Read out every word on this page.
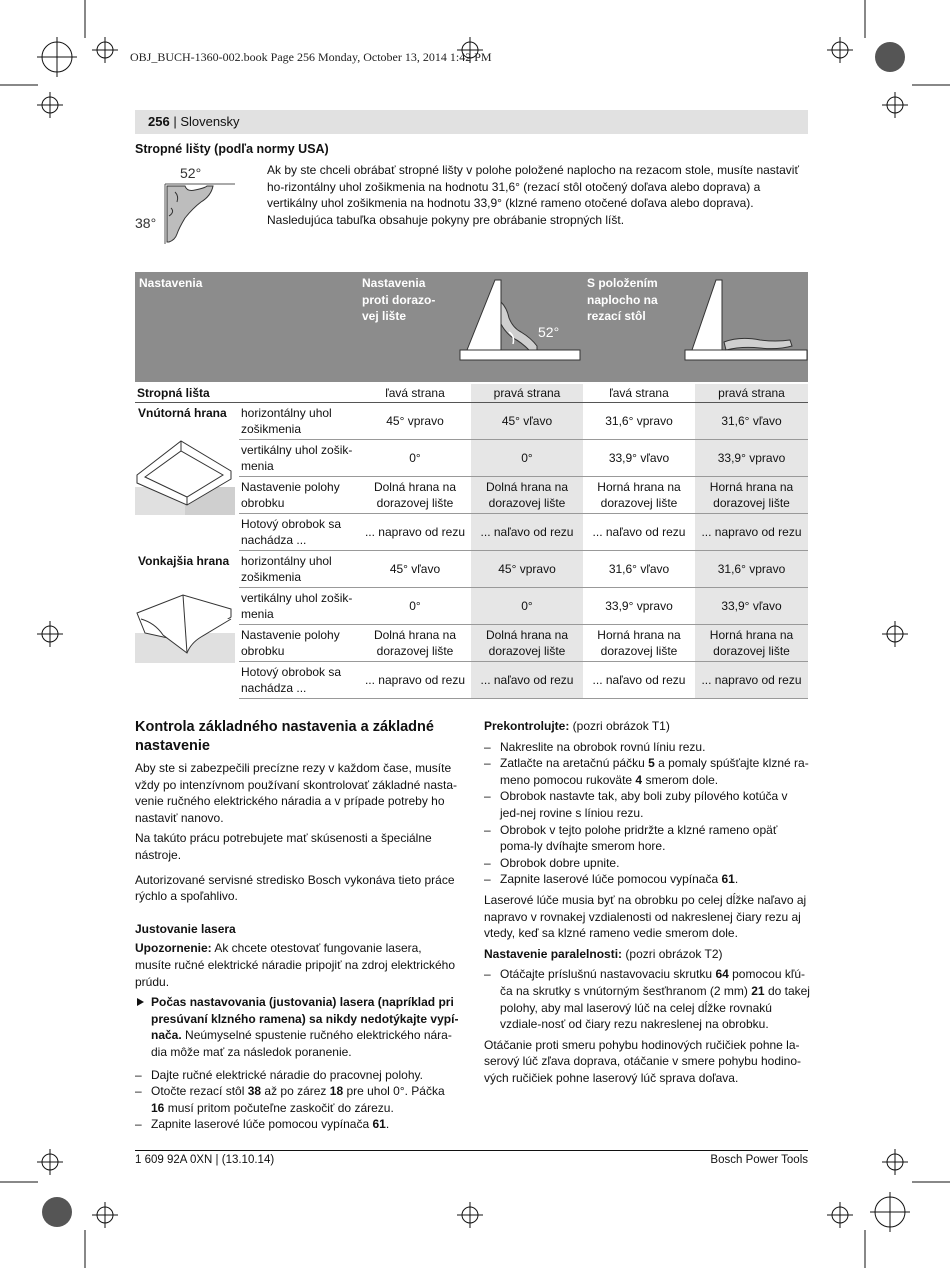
OBJ_BUCH-1360-002.book Page 256 Monday, October 13, 2014 1:42 PM
256 | Slovensky
Stropné lišty (podľa normy USA)
52°
38°

Ak by ste chceli obrábať stropné lišty v polohe položené naplocho na rezacom stole, musíte nastaviť ho-rizontálny uhol zošikmenia na hodnotu 31,6° (rezací stôl otočený doľava alebo doprava) a vertikálny uhol zošikmenia na hodnotu 33,9° (klzné rameno otočené doľava alebo doprava).

Nasledujúca tabuľka obsahuje pokyny pre obrábanie stropných líšt.

Nastavenia	Nastavenia
proti dorazo-
vej lište
S položením
naplocho na
rezací stôl
52°
Stropná lišta		ľavá strana	pravá strana	ľavá strana	pravá strana

Vnútorná hrana	horizontálny uhol zošikmenia	45° vpravo	45° vľavo	31,6° vpravo	31,6° vľavo
	vertikálny uhol zošik-menia	0°	0°	33,9° vľavo	33,9° vpravo
	Nastavenie polohy obrobku	Dolná hrana na dorazovej lište	Dolná hrana na dorazovej lište	Horná hrana na dorazovej lište	Horná hrana na dorazovej lište
	Hotový obrobok sa nachádza ...	... napravo od rezu	... naľavo od rezu	... naľavo od rezu	... napravo od rezu

Vonkajšia hrana	horizontálny uhol zošikmenia	45° vľavo	45° vpravo	31,6° vľavo	31,6° vpravo
	vertikálny uhol zošik-menia	0°	0°	33,9° vpravo	33,9° vľavo
	Nastavenie polohy obrobku	Dolná hrana na dorazovej lište	Dolná hrana na dorazovej lište	Horná hrana na dorazovej lište	Horná hrana na dorazovej lište
	Hotový obrobok sa nachádza ...	... napravo od rezu	... naľavo od rezu	... naľavo od rezu	... napravo od rezu
Kontrola základného nastavenia a základné nastavenie

Aby ste si zabezpečili precízne rezy v každom čase, musíte vždy po intenzívnom používaní skontrolovať základné nasta-venie ručného elektrického náradia a v prípade potreby ho nastaviť nanovo.

Na takúto prácu potrebujete mať skúsenosti a špeciálne nástroje.

Autorizované servisné stredisko Bosch vykonáva tieto práce rýchlo a spoľahlivo.

Justovanie lasera

Upozornenie: Ak chcete otestovať fungovanie lasera, musíte ručné elektrické náradie pripojiť na zdroj elektrického prúdu.

Počas nastavovania (justovania) lasera (napríklad pri presúvaní klzného ramena) sa nikdy nedotýkajte vypí-nača. Neúmyselné spustenie ručného elektrického nára-dia môže mať za následok poranenie.
– Dajte ručné elektrické náradie do pracovnej polohy.
– Otočte rezací stôl 38 až po zárez 18 pre uhol 0°. Páčka 16 musí pritom počuteľne zaskočiť do zárezu.
– Zapnite laserové lúče pomocou vypínača 61.

Prekontrolujte: (pozri obrázok T1)

– Nakreslite na obrobok rovnú líniu rezu.
– Zatlačte na aretačnú páčku 5 a pomaly spúšťajte klzné ra-meno pomocou rukoväte 4 smerom dole.
– Obrobok nastavte tak, aby boli zuby pílového kotúča v jed-nej rovine s líniou rezu.
– Obrobok v tejto polohe pridržte a klzné rameno opäť poma-ly dvíhajte smerom hore.
– Obrobok dobre upnite.
– Zapnite laserové lúče pomocou vypínača 61.

Laserové lúče musia byť na obrobku po celej dĺžke naľavo aj napravo v rovnakej vzdialenosti od nakreslenej čiary rezu aj vtedy, keď sa klzné rameno vedie smerom dole.

Nastavenie paralelnosti: (pozri obrázok T2)

– Otáčajte príslušnú nastavovaciu skrutku 64 pomocou kľú-ča na skrutky s vnútorným šesťhranom (2 mm) 21 do takej polohy, aby mal laserový lúč na celej dĺžke rovnakú vzdiale-nosť od čiary rezu nakreslenej na obrobku.

Otáčanie proti smeru pohybu hodinových ručičiek pohne la-serový lúč zľava doprava, otáčanie v smere pohybu hodino-vých ručičiek pohne laserový lúč sprava doľava.

1 609 92A 0XN | (13.10.14)	Bosch Power Tools
